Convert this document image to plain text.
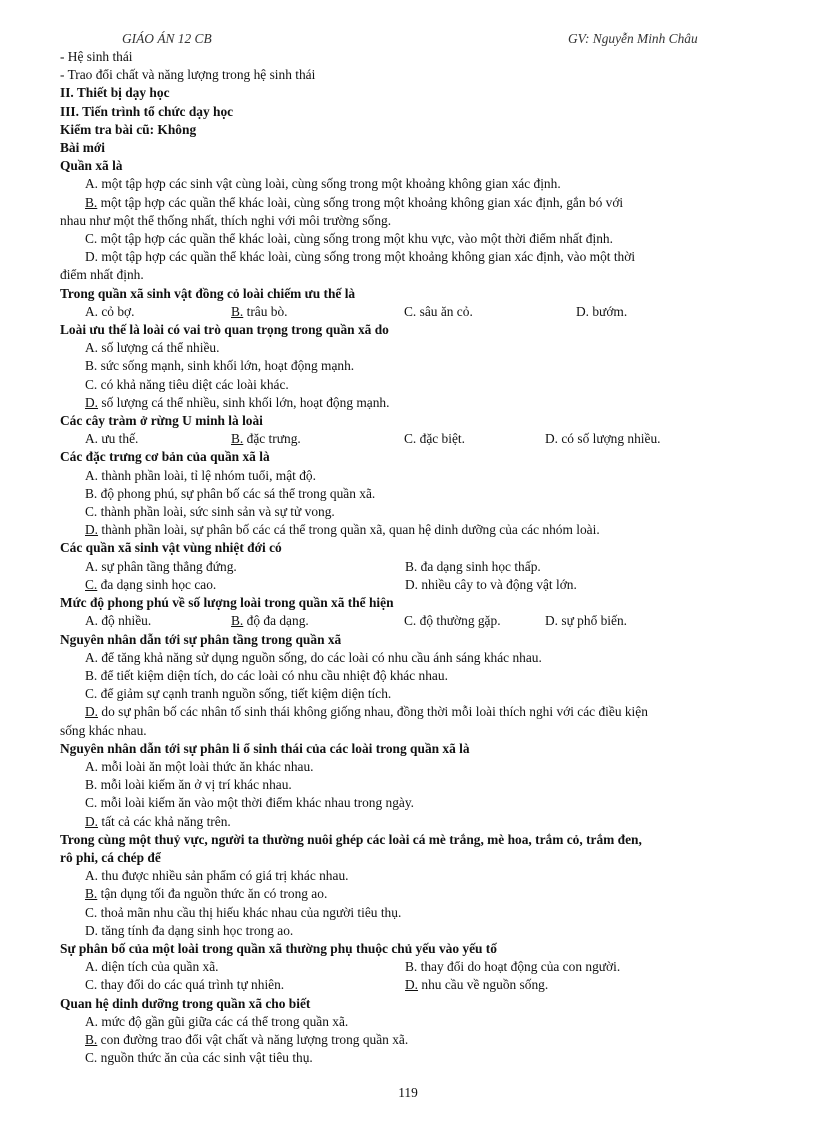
GIÁO ÁN 12 CB	GV: Nguyễn Minh Châu
- Hệ sinh thái
- Trao đổi chất và năng lượng trong hệ sinh thái
II. Thiết bị dạy học
III. Tiến trình tổ chức dạy học
Kiểm tra bài cũ: Không
Bài mới
Quần xã là
A. một tập hợp các sinh vật cùng loài, cùng sống trong một khoảng không gian xác định.
B. một tập hợp các quần thể khác loài, cùng sống trong một khoảng không gian xác định, gắn bó với
nhau như một thể thống nhất, thích nghi với môi trường sống.
C. một tập hợp các quần thể khác loài, cùng sống trong một khu vực, vào một thời điểm nhất định.
D. một tập hợp các quần thể khác loài, cùng sống trong một khoảng không gian xác định, vào một thời
điểm nhất định.
Trong quần xã sinh vật đồng cỏ loài chiếm ưu thế là
A. cỏ bợ.	B. trâu bò.	C. sâu ăn cỏ.	D. bướm.
Loài ưu thế là loài có vai trò quan trọng trong quần xã do
A. số lượng cá thể nhiều.
B. sức sống mạnh, sinh khối lớn, hoạt động mạnh.
C. có khả năng tiêu diệt các loài khác.
D. số lượng cá thể nhiều, sinh khối lớn, hoạt động mạnh.
Các cây tràm ở rừng U minh là loài
A. ưu thế.	B. đặc trưng.	C. đặc biệt.	D. có số lượng nhiều.
Các đặc trưng cơ bản của quần xã là
A. thành phần loài, tỉ lệ nhóm tuổi, mật độ.
B. độ phong phú, sự phân bố các sá thể trong quần xã.
C. thành phần loài, sức sinh sản và sự tử vong.
D. thành phần loài, sự phân bố các cá thể trong quần xã, quan hệ dinh dưỡng của các nhóm loài.
Các quần xã sinh vật vùng nhiệt đới có
A. sự phân tầng thẳng đứng.	B. đa dạng sinh học thấp.
C. đa dạng sinh học cao.	D. nhiều cây to và động vật lớn.
Mức độ phong phú về số lượng loài trong quần xã thể hiện
A. độ nhiều.	B. độ đa dạng.	C. độ thường gặp.	D. sự phổ biến.
Nguyên nhân dẫn tới sự phân tầng trong quần xã
A. để tăng khả năng sử dụng nguồn sống, do các loài có nhu cầu ánh sáng khác nhau.
B. để tiết kiệm diện tích, do các loài có nhu cầu nhiệt độ khác nhau.
C. để giảm sự cạnh tranh nguồn sống, tiết kiệm diện tích.
D. do sự phân bố các nhân tố sinh thái không giống nhau, đồng thời mỗi loài thích nghi với các điều kiện
sống khác nhau.
Nguyên nhân dẫn tới sự phân li ổ sinh thái của các loài trong quần xã là
A. mỗi loài ăn một loài thức ăn khác nhau.
B. mỗi loài kiếm ăn ở vị trí khác nhau.
C. mỗi loài kiếm ăn vào một thời điểm khác nhau trong ngày.
D. tất cả các khả năng trên.
Trong cùng một thuỷ vực, người ta thường nuôi ghép các loài cá mè trắng, mè hoa, trắm cỏ, trắm đen,
rô phi, cá chép để
A. thu được nhiều sản phẩm có giá trị khác nhau.
B. tận dụng tối đa nguồn thức ăn có trong ao.
C. thoả mãn nhu cầu thị hiếu khác nhau của người tiêu thụ.
D. tăng tính đa dạng sinh học trong ao.
Sự phân bố của một loài trong quần xã thường phụ thuộc chủ yếu vào yếu tố
A. diện tích của quần xã.	B. thay đổi do hoạt động của con người.
C. thay đổi do các quá trình tự nhiên.	D. nhu cầu về nguồn sống.
Quan hệ dinh dưỡng trong quần xã cho biết
A. mức độ gần gũi giữa các cá thể trong quần xã.
B. con đường trao đổi vật chất và năng lượng trong quần xã.
C. nguồn thức ăn của các sinh vật tiêu thụ.
119
